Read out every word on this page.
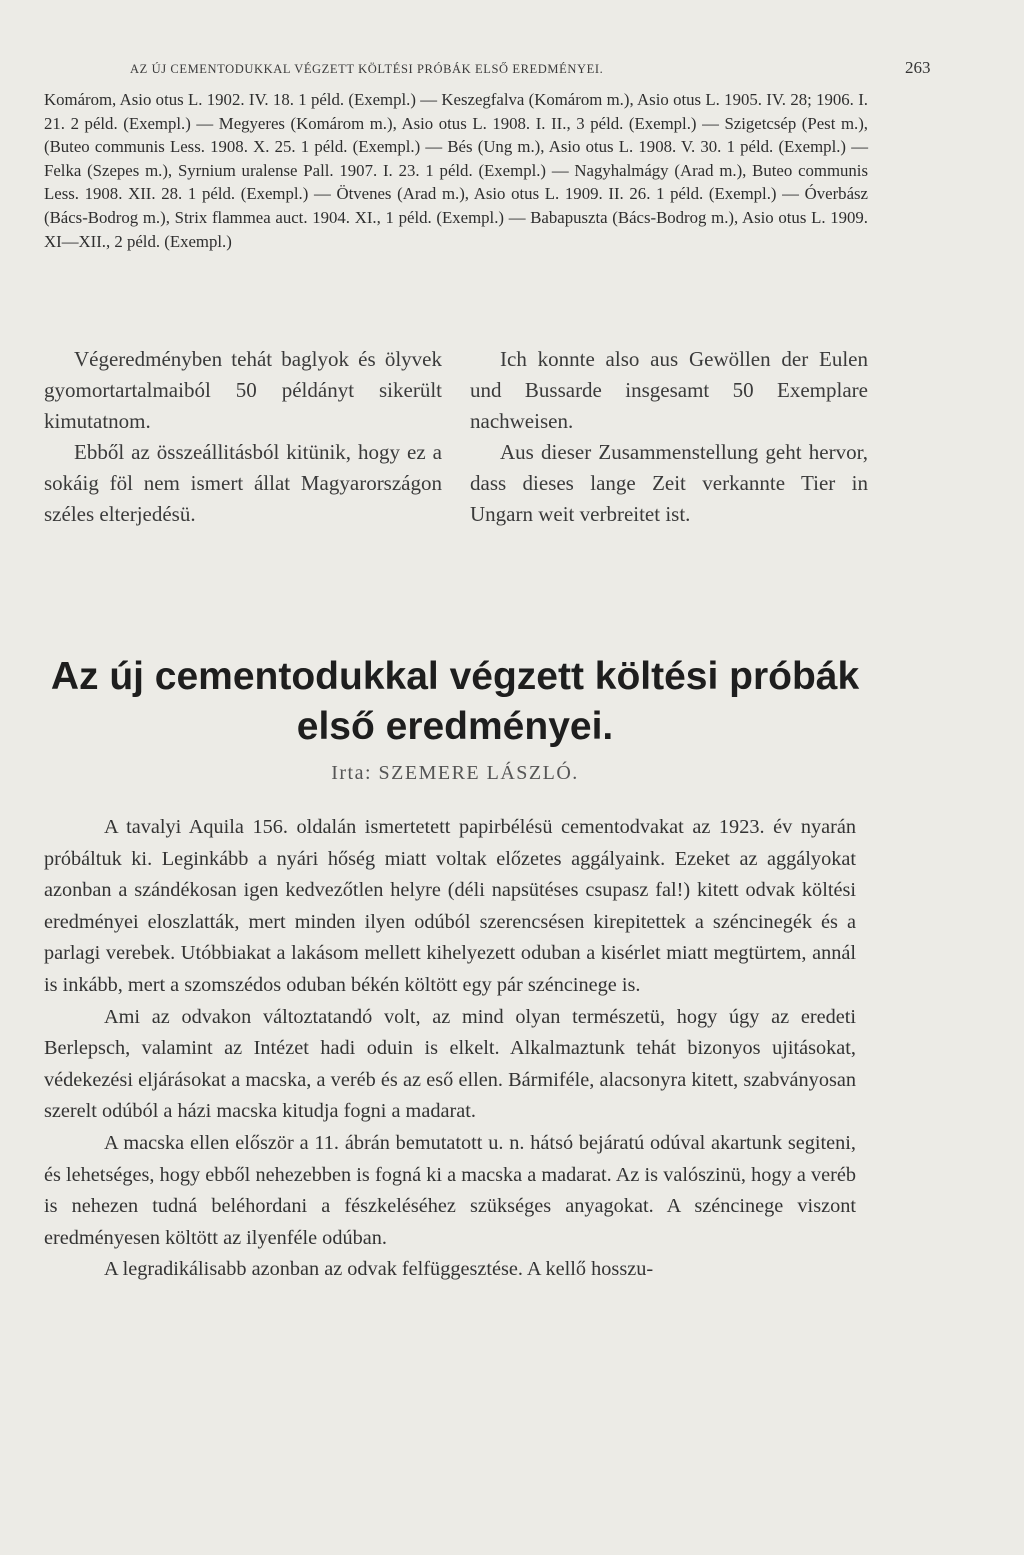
AZ ÚJ CEMENTODUKKAL VÉGZETT KÖLTÉSI PRÓBÁK ELSŐ EREDMÉNYEI.	263

Komárom, Asio otus L. 1902. IV. 18. 1 péld. (Exempl.) — Keszegfalva (Komárom m.), Asio otus L. 1905. IV. 28; 1906. I. 21. 2 péld. (Exempl.) — Megyeres (Komárom m.), Asio otus L. 1908. I. II., 3 péld. (Exempl.) — Szigetcsép (Pest m.), (Buteo communis Less. 1908. X. 25. 1 péld. (Exempl.) — Bés (Ung m.), Asio otus L. 1908. V. 30. 1 péld. (Exempl.) — Felka (Szepes m.), Syrnium uralense Pall. 1907. I. 23. 1 péld. (Exempl.) — Nagyhalmágy (Arad m.), Buteo communis Less. 1908. XII. 28. 1 péld. (Exempl.) — Ötvenes (Arad m.), Asio otus L. 1909. II. 26. 1 péld. (Exempl.) — Óverbász (Bács-Bodrog m.), Strix flammea auct. 1904. XI., 1 péld. (Exempl.) — Babapuszta (Bács-Bodrog m.), Asio otus L. 1909. XI—XII., 2 péld. (Exempl.)

Végeredményben tehát baglyok és ölyvek gyomortartalmaiból 50 példányt sikerült kimutatnom.

Ebből az összeállitásból kitünik, hogy ez a sokáig föl nem ismert állat Magyarországon széles elterjedésü.

Ich konnte also aus Gewöllen der Eulen und Bussarde insgesamt 50 Exemplare nachweisen.

Aus dieser Zusammenstellung geht hervor, dass dieses lange Zeit verkannte Tier in Ungarn weit verbreitet ist.

Az új cementodukkal végzett költési próbák
első eredményei.
Irta: SZEMERE LÁSZLÓ.

A tavalyi Aquila 156. oldalán ismertetett papirbélésü cementodvakat az 1923. év nyarán próbáltuk ki. Leginkább a nyári hőség miatt voltak előzetes aggályaink. Ezeket az aggályokat azonban a szándékosan igen kedvezőtlen helyre (déli napsütéses csupasz fal!) kitett odvak költési eredményei eloszlatták, mert minden ilyen odúból szerencsésen kirepitettek a széncinegék és a parlagi verebek. Utóbbiakat a lakásom mellett kihelyezett oduban a kisérlet miatt megtürtem, annál is inkább, mert a szomszédos oduban békén költött egy pár széncinege is.

Ami az odvakon változtatandó volt, az mind olyan természetü, hogy úgy az eredeti Berlepsch, valamint az Intézet hadi oduin is elkelt. Alkalmaztunk tehát bizonyos ujitásokat, védekezési eljárásokat a macska, a veréb és az eső ellen. Bármiféle, alacsonyra kitett, szabványosan szerelt odúból a házi macska kitudja fogni a madarat.

A macska ellen először a 11. ábrán bemutatott u. n. hátsó bejáratú odúval akartunk segiteni, és lehetséges, hogy ebből nehezebben is fogná ki a macska a madarat. Az is valószinü, hogy a veréb is nehezen tudná beléhordani a fészkeléséhez szükséges anyagokat. A széncinege viszont eredményesen költött az ilyenféle odúban.

A legradikálisabb azonban az odvak felfüggesztése. A kellő hosszu-
